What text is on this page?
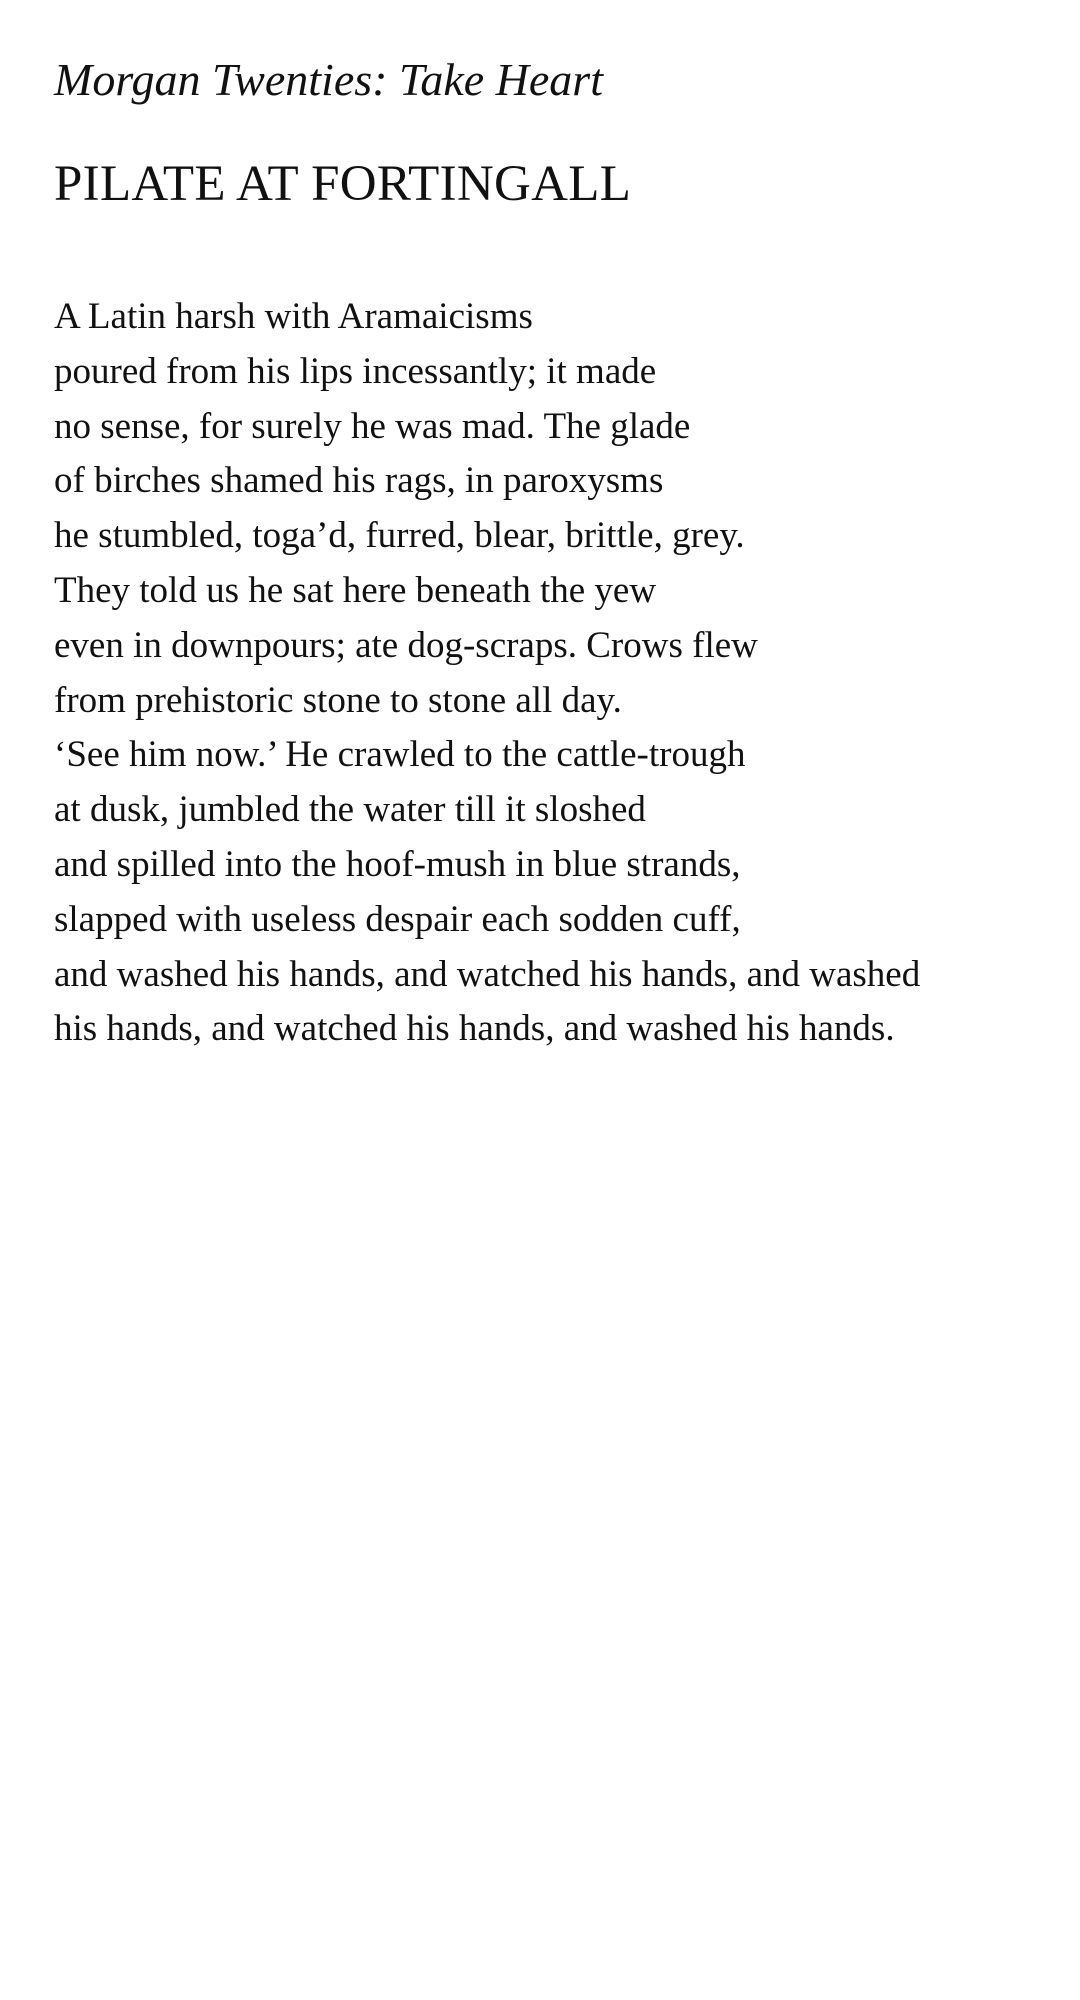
Morgan Twenties: Take Heart
PILATE AT FORTINGALL
A Latin harsh with Aramaicisms
poured from his lips incessantly; it made
no sense, for surely he was mad. The glade
of birches shamed his rags, in paroxysms
he stumbled, toga’d, furred, blear, brittle, grey.
They told us he sat here beneath the yew
even in downpours; ate dog-scraps. Crows flew
from prehistoric stone to stone all day.
‘See him now.’ He crawled to the cattle-trough
at dusk, jumbled the water till it sloshed
and spilled into the hoof-mush in blue strands,
slapped with useless despair each sodden cuff,
and washed his hands, and watched his hands, and washed
his hands, and watched his hands, and washed his hands.
